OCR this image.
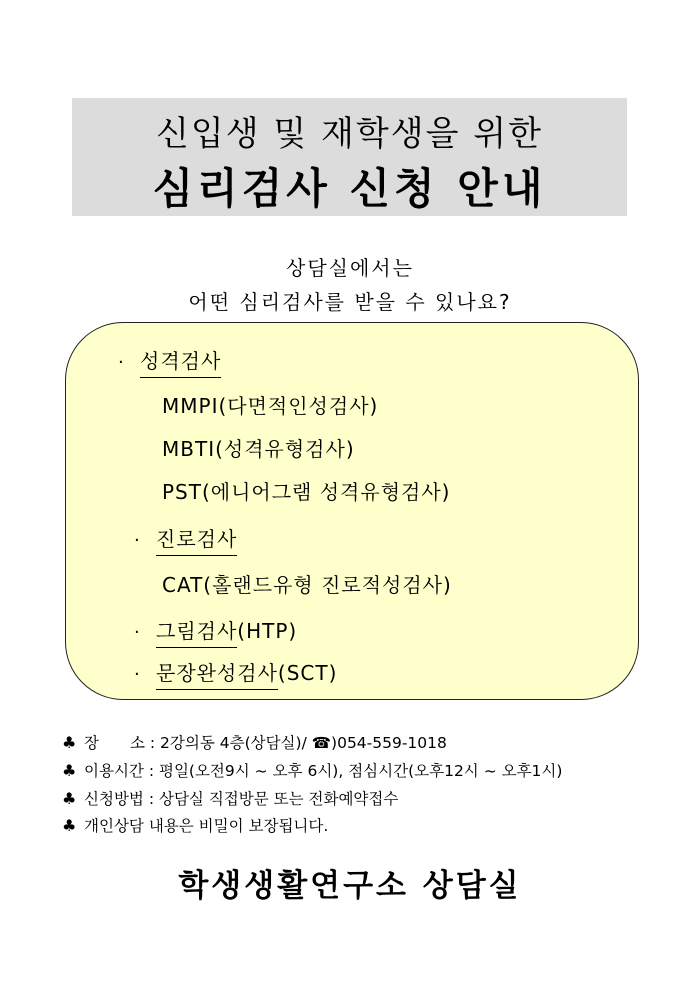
신입생 및 재학생을 위한
심리검사 신청 안내
상담실에서는
어떤 심리검사를 받을 수 있나요?
· 성격검사
MMPI(다면적인성검사)
MBTI(성격유형검사)
PST(에니어그램 성격유형검사)
· 진로검사
CAT(홀랜드유형 진로적성검사)
· 그림검사 (HTP)
· 문장완성검사 (SCT)
♣ 장　　소 : 2강의동 4층(상담실)/ ☎)054-559-1018
♣ 이용시간 : 평일(오전9시 ~ 오후 6시), 점심시간(오후12시 ~ 오후1시)
♣ 신청방법 : 상담실 직접방문 또는 전화예약접수
♣ 개인상담 내용은 비밀이 보장됩니다.
학생생활연구소 상담실
